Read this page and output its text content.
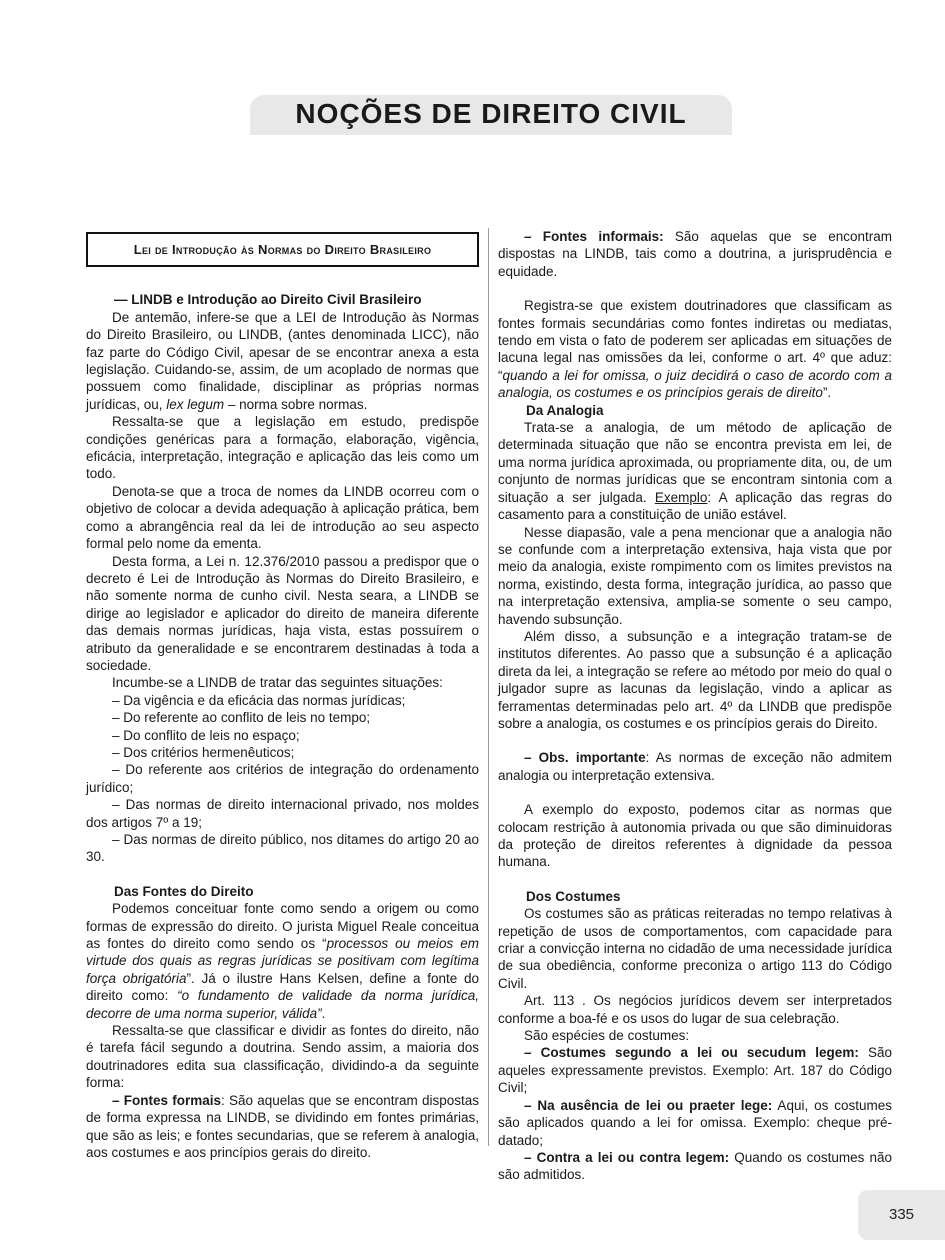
NOÇÕES DE DIREITO CIVIL
Lei de Introdução às Normas do Direito Brasileiro

— LINDB e Introdução ao Direito Civil Brasileiro

De antemão, infere-se que a LEI de Introdução às Normas do Direito Brasileiro, ou LINDB, (antes denominada LICC), não faz parte do Código Civil, apesar de se encontrar anexa a esta legislação. Cuidando-se, assim, de um acoplado de normas que possuem como finalidade, disciplinar as próprias normas jurídicas, ou, lex legum – norma sobre normas.

Ressalta-se que a legislação em estudo, predispõe condições genéricas para a formação, elaboração, vigência, eficácia, interpretação, integração e aplicação das leis como um todo.

Denota-se que a troca de nomes da LINDB ocorreu com o objetivo de colocar a devida adequação à aplicação prática, bem como a abrangência real da lei de introdução ao seu aspecto formal pelo nome da ementa.

Desta forma, a Lei n. 12.376/2010 passou a predispor que o decreto é Lei de Introdução às Normas do Direito Brasileiro, e não somente norma de cunho civil. Nesta seara, a LINDB se dirige ao legislador e aplicador do direito de maneira diferente das demais normas jurídicas, haja vista, estas possuírem o atributo da generalidade e se encontrarem destinadas à toda a sociedade.

Incumbe-se a LINDB de tratar das seguintes situações:

– Da vigência e da eficácia das normas jurídicas;

– Do referente ao conflito de leis no tempo;

– Do conflito de leis no espaço;

– Dos critérios hermenêuticos;

– Do referente aos critérios de integração do ordenamento jurídico;

– Das normas de direito internacional privado, nos moldes dos artigos 7º a 19;

– Das normas de direito público, nos ditames do artigo 20 ao 30.

Das Fontes do Direito

Podemos conceituar fonte como sendo a origem ou como formas de expressão do direito. O jurista Miguel Reale conceitua as fontes do direito como sendo os “processos ou meios em virtude dos quais as regras jurídicas se positivam com legítima força obrigatória”. Já o ilustre Hans Kelsen, define a fonte do direito como: “o fundamento de validade da norma jurídica, decorre de uma norma superior, válida”.

Ressalta-se que classificar e dividir as fontes do direito, não é tarefa fácil segundo a doutrina. Sendo assim, a maioria dos doutrinadores edita sua classificação, dividindo-a da seguinte forma:

– Fontes formais: São aquelas que se encontram dispostas de forma expressa na LINDB, se dividindo em fontes primárias, que são as leis; e fontes secundarias, que se referem à analogia, aos costumes e aos princípios gerais do direito.

– Fontes informais: São aquelas que se encontram dispostas na LINDB, tais como a doutrina, a jurisprudência e equidade.

Registra-se que existem doutrinadores que classificam as fontes formais secundárias como fontes indiretas ou mediatas, tendo em vista o fato de poderem ser aplicadas em situações de lacuna legal nas omissões da lei, conforme o art. 4º que aduz: “quando a lei for omissa, o juiz decidirá o caso de acordo com a analogia, os costumes e os princípios gerais de direito”.

Da Analogia

Trata-se a analogia, de um método de aplicação de determinada situação que não se encontra prevista em lei, de uma norma jurídica aproximada, ou propriamente dita, ou, de um conjunto de normas jurídicas que se encontram sintonia com a situação a ser julgada. Exemplo: A aplicação das regras do casamento para a constituição de união estável.

Nesse diapasão, vale a pena mencionar que a analogia não se confunde com a interpretação extensiva, haja vista que por meio da analogia, existe rompimento com os limites previstos na norma, existindo, desta forma, integração jurídica, ao passo que na interpretação extensiva, amplia-se somente o seu campo, havendo subsunção.

Além disso, a subsunção e a integração tratam-se de institutos diferentes. Ao passo que a subsunção é a aplicação direta da lei, a integração se refere ao método por meio do qual o julgador supre as lacunas da legislação, vindo a aplicar as ferramentas determinadas pelo art. 4º da LINDB que predispõe sobre a analogia, os costumes e os princípios gerais do Direito.

– Obs. importante: As normas de exceção não admitem analogia ou interpretação extensiva.

A exemplo do exposto, podemos citar as normas que colocam restrição à autonomia privada ou que são diminuidoras da proteção de direitos referentes à dignidade da pessoa humana.

Dos Costumes

Os costumes são as práticas reiteradas no tempo relativas à repetição de usos de comportamentos, com capacidade para criar a convicção interna no cidadão de uma necessidade jurídica de sua obediência, conforme preconiza o artigo 113 do Código Civil.

Art. 113 . Os negócios jurídicos devem ser interpretados conforme a boa-fé e os usos do lugar de sua celebração.

São espécies de costumes:

– Costumes segundo a lei ou secudum legem: São aqueles expressamente previstos. Exemplo: Art. 187 do Código Civil;

– Na ausência de lei ou praeter lege: Aqui, os costumes são aplicados quando a lei for omissa. Exemplo: cheque pré-datado;

– Contra a lei ou contra legem: Quando os costumes não são admitidos.

335
